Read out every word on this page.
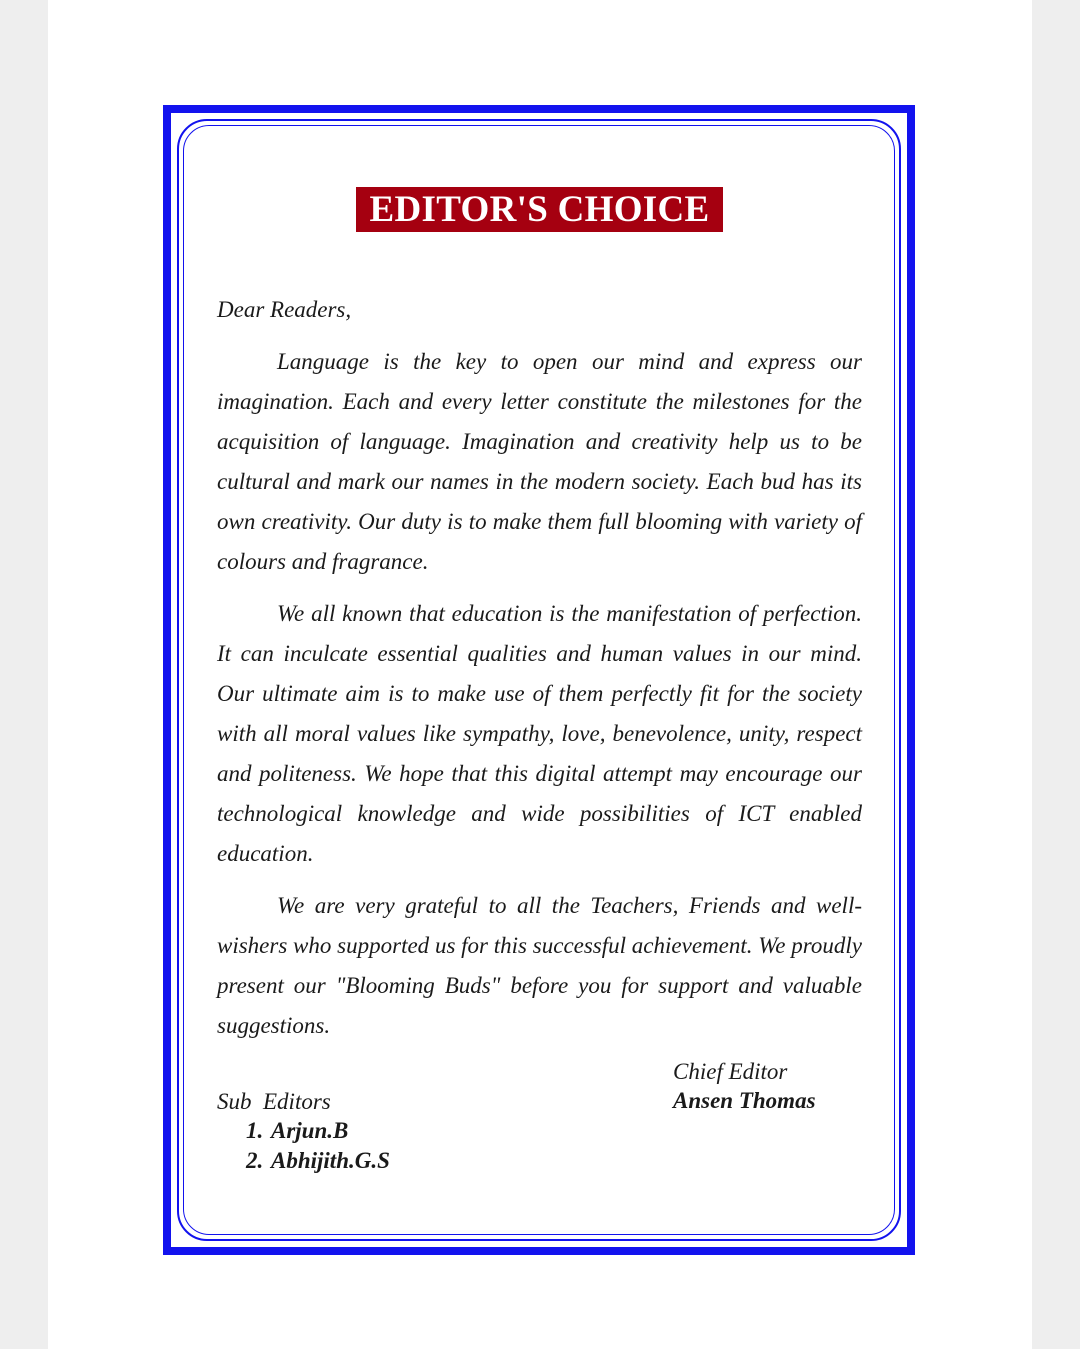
EDITOR'S CHOICE

Dear Readers,

Language is the key to open our mind and express our imagination. Each and every letter constitute the milestones for the acquisition of language. Imagination and creativity help us to be cultural and mark our names in the modern society. Each bud has its own creativity. Our duty is to make them full blooming with variety of colours and fragrance.

We all known that education is the manifestation of perfection. It can inculcate essential qualities and human values in our mind. Our ultimate aim is to make use of them perfectly fit for the society with all moral values like sympathy, love, benevolence, unity, respect and politeness. We hope that this digital attempt may encourage our technological knowledge and wide possibilities of ICT enabled education.

We are very grateful to all the Teachers, Friends and well-wishers who supported us for this successful achievement. We proudly present our "Blooming Buds" before you for support and valuable suggestions.

Chief Editor
Ansen Thomas
Sub  Editors
1. Arjun.B
2. Abhijith.G.S
